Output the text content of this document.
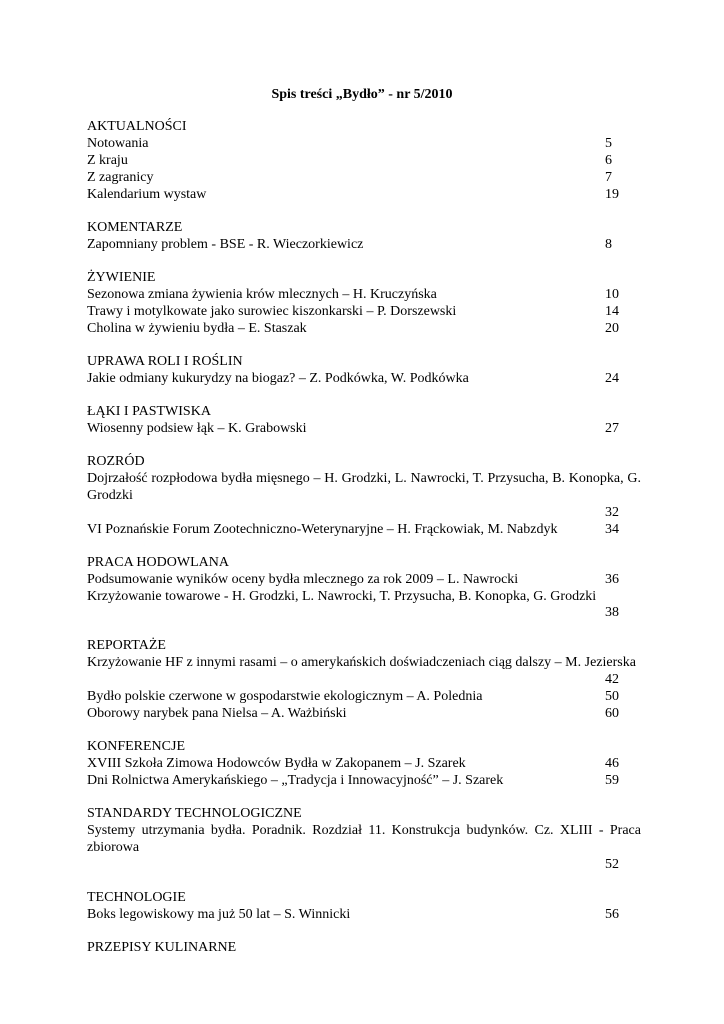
Spis treści „Bydło” - nr 5/2010
AKTUALNOŚCI
Notowania	5
Z kraju	6
Z zagranicy	7
Kalendarium wystaw	19
KOMENTARZE
Zapomniany problem - BSE - R. Wieczorkiewicz	8
ŻYWIENIE
Sezonowa zmiana żywienia krów mlecznych – H. Kruczyńska	10
Trawy i motylkowate jako surowiec kiszonkarski – P. Dorszewski	14
Cholina w żywieniu bydła – E. Staszak	20
UPRAWA ROLI I ROŚLIN
Jakie odmiany kukurydzy na biogaz? – Z. Podkówka, W. Podkówka	24
ŁĄKI I PASTWISKA
Wiosenny podsiew łąk – K. Grabowski	27
ROZRÓD
Dojrzałość rozpłodowa bydła mięsnego – H. Grodzki, L. Nawrocki, T. Przysucha, B. Konopka, G. Grodzki
32
VI Poznańskie Forum Zootechniczno-Weterynaryjne – H. Frąckowiak, M. Nabzdyk	34
PRACA HODOWLANA
Podsumowanie wyników oceny bydła mlecznego za rok 2009 – L. Nawrocki	36
Krzyżowanie towarowe - H. Grodzki, L. Nawrocki, T. Przysucha, B. Konopka, G. Grodzki
38
REPORTAŻE
Krzyżowanie HF z innymi rasami – o amerykańskich doświadczeniach ciąg dalszy – M. Jezierska
42
Bydło polskie czerwone w gospodarstwie ekologicznym – A. Polednia	50
Oborowy narybek pana Nielsa – A. Ważbiński	60
KONFERENCJE
XVIII Szkoła Zimowa Hodowców Bydła w Zakopanem – J. Szarek	46
Dni Rolnictwa Amerykańskiego – „Tradycja i Innowacyjność” – J. Szarek	59
STANDARDY TECHNOLOGICZNE
Systemy utrzymania bydła. Poradnik. Rozdział 11. Konstrukcja budynków. Cz. XLIII - Praca zbiorowa
52
TECHNOLOGIE
Boks legowiskowy ma już 50 lat – S. Winnicki	56
PRZEPISY KULINARNE
